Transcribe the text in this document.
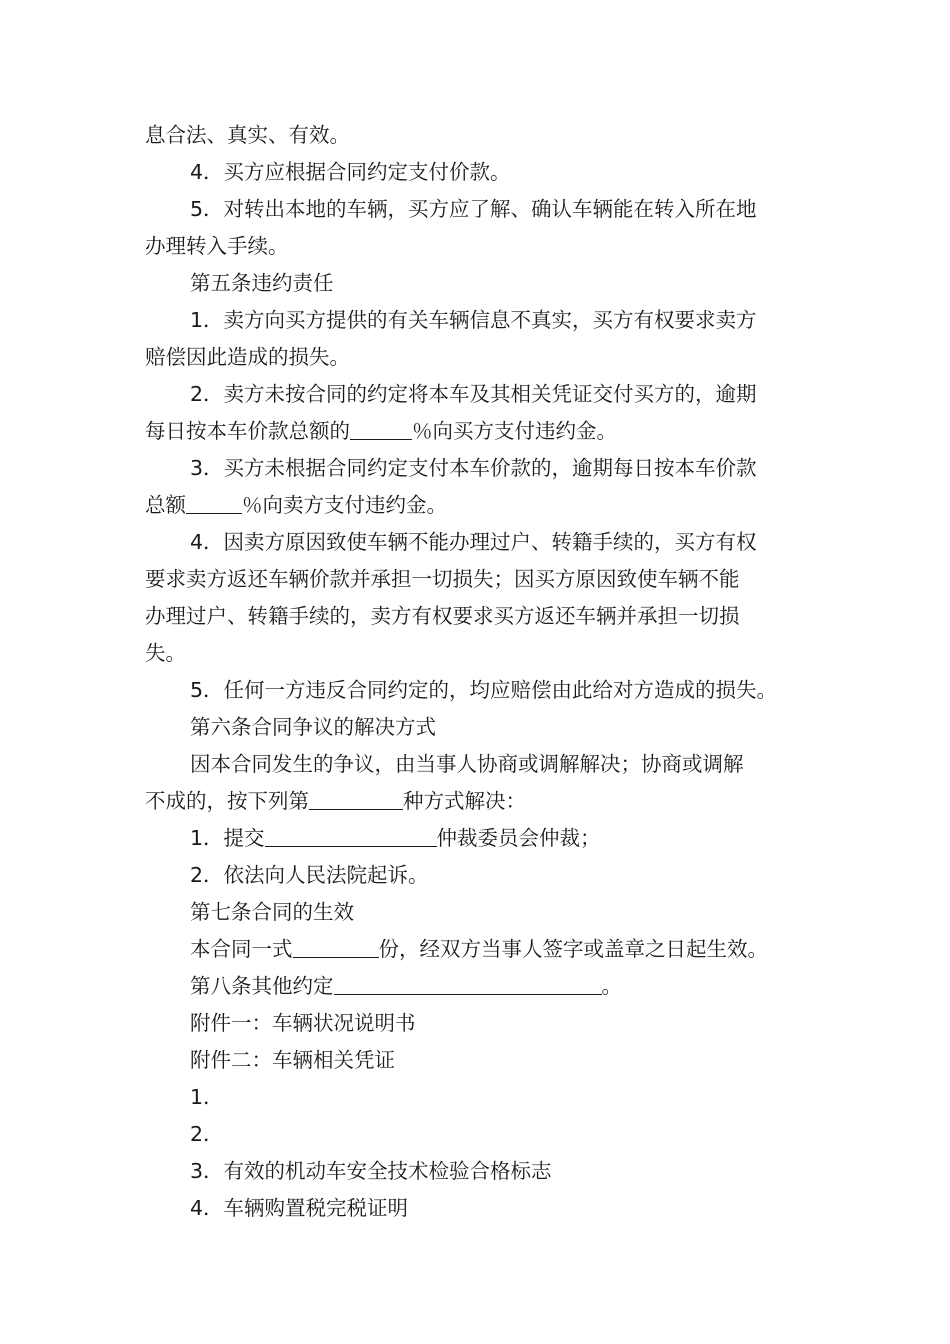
息合法、真实、有效。

4．买方应根据合同约定支付价款。

5．对转出本地的车辆，买方应了解、确认车辆能在转入所在地

办理转入手续。

第五条违约责任

1．卖方向买方提供的有关车辆信息不真实，买方有权要求卖方

赔偿因此造成的损失。

2．卖方未按合同的约定将本车及其相关凭证交付买方的，逾期

每日按本车价款总额的	％向买方支付违约金。

3．买方未根据合同约定支付本车价款的，逾期每日按本车价款

总额	％向卖方支付违约金。

4．因卖方原因致使车辆不能办理过户、转籍手续的，买方有权

要求卖方返还车辆价款并承担一切损失；因买方原因致使车辆不能

办理过户、转籍手续的，卖方有权要求买方返还车辆并承担一切损

失。

5．任何一方违反合同约定的，均应赔偿由此给对方造成的损失。

第六条合同争议的解决方式

因本合同发生的争议，由当事人协商或调解解决；协商或调解

不成的，按下列第	种方式解决：

1．提交	仲裁委员会仲裁；

2．依法向人民法院起诉。

第七条合同的生效

本合同一式	份，经双方当事人签字或盖章之日起生效。

第八条其他约定	。

附件一：车辆状况说明书

附件二：车辆相关凭证

1．

2．

3．有效的机动车安全技术检验合格标志

4．车辆购置税完税证明
